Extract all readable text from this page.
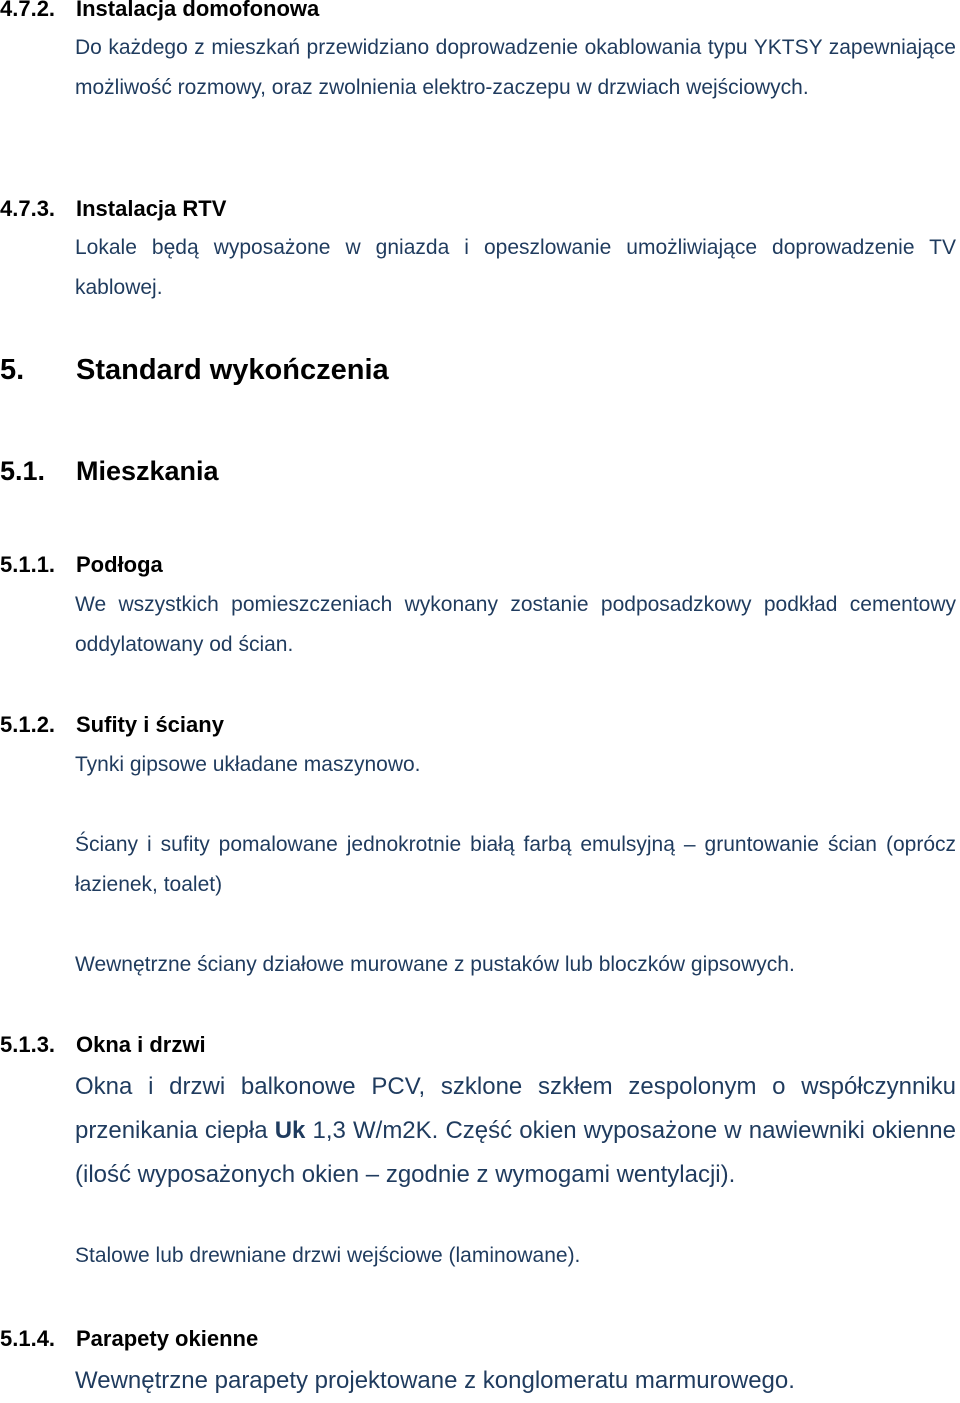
4.7.2. Instalacja domofonowa

Do każdego z mieszkań przewidziano doprowadzenie okablowania typu YKTSY zapewniające możliwość rozmowy, oraz zwolnienia elektro-zaczepu w drzwiach wejściowych.

4.7.3. Instalacja RTV

Lokale będą wyposażone w gniazda i opeszlowanie umożliwiające doprowadzenie TV kablowej.

5. Standard wykończenia
5.1. Mieszkania
5.1.1. Podłoga

We wszystkich pomieszczeniach wykonany zostanie podposadzkowy podkład cementowy oddylatowany od ścian.

5.1.2. Sufity i ściany

Tynki gipsowe układane maszynowo.

Ściany i sufity pomalowane jednokrotnie białą farbą emulsyjną – gruntowanie ścian (oprócz łazienek, toalet)

Wewnętrzne ściany działowe murowane z pustaków lub bloczków gipsowych.

5.1.3. Okna i drzwi

Okna i drzwi balkonowe PCV, szklone szkłem zespolonym o współczynniku przenikania ciepła Uk 1,3 W/m2K. Część okien wyposażone w nawiewniki okienne (ilość wyposażonych okien – zgodnie z wymogami wentylacji).

Stalowe lub drewniane drzwi wejściowe (laminowane).

5.1.4. Parapety okienne

Wewnętrzne parapety projektowane z konglomeratu marmurowego.
